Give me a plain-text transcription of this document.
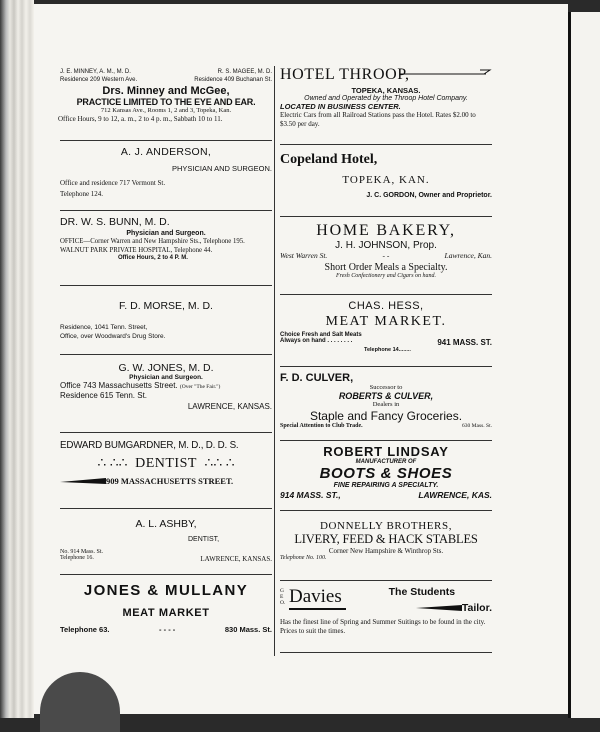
J. E. MINNEY, A. M., M. D.	R. S. MAGEE, M. D.
Residence 209 Western Ave.	Residence 409 Buchanan St.
Drs. Minney and McGee,
PRACTICE LIMITED TO THE EYE AND EAR.
712 Kansas Ave., Rooms 1, 2 and 3, Topeka, Kan.
Office Hours, 9 to 12, a. m., 2 to 4 p. m., Sabbath 10 to 11.
A. J. ANDERSON,
PHYSICIAN AND SURGEON.
Office and residence 717 Vermont St.
Telephone 124.
DR. W. S. BUNN, M. D.
Physician and Surgeon.
OFFICE—Corner Warren and New Hampshire Sts., Telephone 195. WALNUT PARK PRIVATE HOSPITAL, Telephone 44.
Office Hours, 2 to 4 P. M.
F. D. MORSE, M. D.
Residence, 1041 Tenn. Street,
Office, over Woodward's Drug Store.
G. W. JONES, M. D.
Physician and Surgeon.
Office 743 Massachusetts Street. (Over "The Fair.")
Residence 615 Tenn. St.
LAWRENCE, KANSAS.
EDWARD BUMGARDNER, M. D., D. D. S.
∴ ∴∴ DENTIST ∴∴ ∴
909 MASSACHUSETTS STREET.
A. L. ASHBY,
DENTIST,
No. 914 Mass. St.
Telephone 16.	LAWRENCE, KANSAS.
JONES & MULLANY
MEAT MARKET
Telephone 63.	- - - -	830 Mass. St.
HOTEL THROOP,
TOPEKA, KANSAS.
Owned and Operated by the Throop Hotel Company.
LOCATED IN BUSINESS CENTER.
Electric Cars from all Railroad Stations pass the Hotel. Rates $2.00 to $3.50 per day.
Copeland Hotel,
TOPEKA, KAN.
J. C. GORDON, Owner and Proprietor.
HOME BAKERY,
J. H. JOHNSON, Prop.
West Warren St.	- -	Lawrence, Kan.
Short Order Meals a Specialty.
Fresh Confectionery and Cigars on hand.
CHAS. HESS,
MEAT MARKET.
Choice Fresh and Salt Meats
Always on hand . . . . . . . .	941 MASS. ST.
Telephone 14........
F. D. CULVER,
Successor to
ROBERTS & CULVER,
Dealers in
Staple and Fancy Groceries.
Special Attention to Club Trade.	630 Mass. St.
ROBERT LINDSAY
MANUFACTURER OF
BOOTS & SHOES
FINE REPAIRING A SPECIALTY.
914 MASS. ST.,	LAWRENCE, KAS.
DONNELLY BROTHERS,
LIVERY, FEED & HACK STABLES
Corner New Hampshire & Winthrop Sts.
Telephone No. 100.
GEO. Davies	The Students
Tailor.
Has the finest line of Spring and Summer Suitings to be found in the city. Prices to suit the times.
